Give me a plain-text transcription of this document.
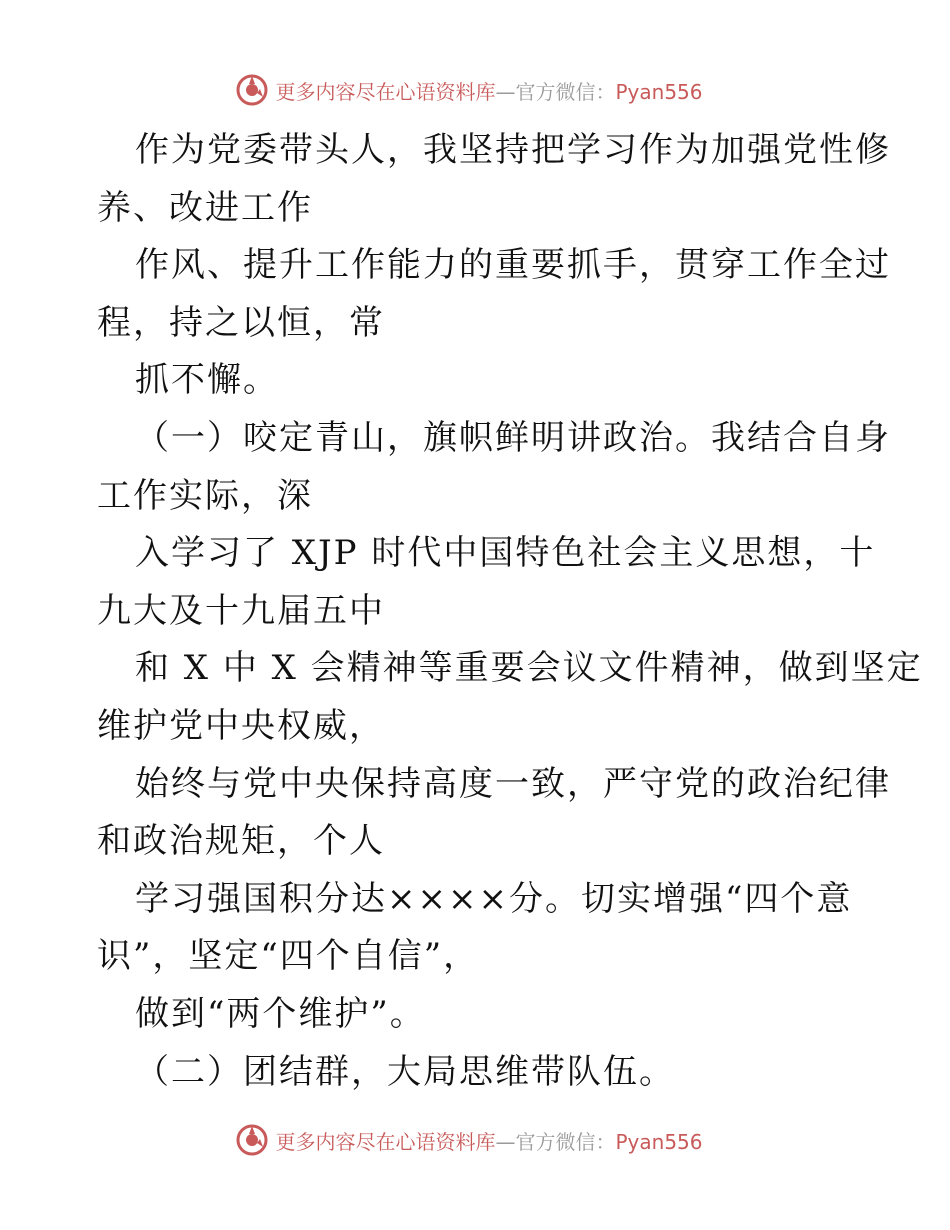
更多内容尽在心语资料库—官方微信：Pyan556
作为党委带头人，我坚持把学习作为加强党性修
养、改进工作
作风、提升工作能力的重要抓手，贯穿工作全过
程，持之以恒，常
抓不懈。
（一）咬定青山，旗帜鲜明讲政治。我结合自身
工作实际，深
入学习了 XJP 时代中国特色社会主义思想，十
九大及十九届五中
和 X 中 X 会精神等重要会议文件精神，做到坚定
维护党中央权威，
始终与党中央保持高度一致，严守党的政治纪律
和政治规矩，个人
学习强国积分达××××分。切实增强“四个意
识”，坚定“四个自信”，
做到“两个维护”。
（二）团结群，大局思维带队伍。
更多内容尽在心语资料库—官方微信：Pyan556
